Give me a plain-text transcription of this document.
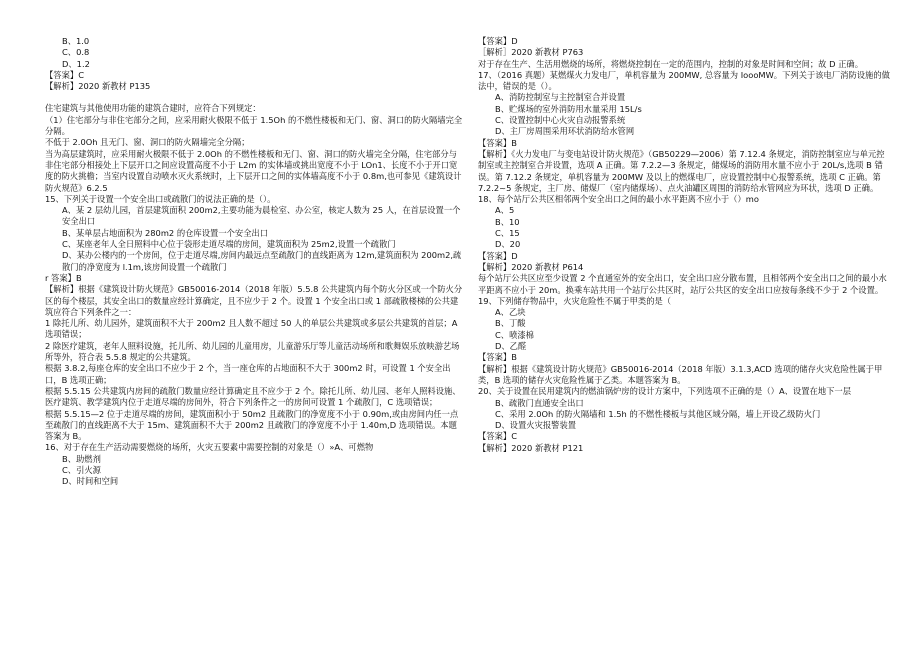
B、1.0

C、0.8

D、1.2

【答案】C

【解析】2020 新教材 P135

住宅建筑与其他使用功能的建筑合建时，应符合下列规定：

（1）住宅部分与非住宅部分之间，应采用耐火极限不低于 1.5Oh 的不燃性楼板和无门、窗、洞口的防火隔墙完全分隔。

不低于 2.0Oh 且无门、窗、洞口的防火隔墙完全分隔；

当为高层建筑时，应采用耐火极限不低于 2.0Oh 的不燃性楼板和无门、窗、洞口的防火墙完全分隔，住宅部分与非住宅部分相接处上下层开口之间应设置高度不小于 L2m 的实体墙或挑出宽度不小于 LOn1、长度不小于开口宽度的防火挑檐；当室内设置自动喷水灭火系统时，上下层开口之间的实体墙高度不小于 0.8m,也可参见《建筑设计防火规范》6.2.5

15、下列关于设置一个安全出口或疏散门的说法正确的是（）。

A、某 2 层幼儿园，首层建筑面积 200m2,主要功能为晨检室、办公室，核定人数为 25 人，在首层设置一个安全出口

B、某单层占地面积为 280m2 的仓库设置一个安全出口

C、某座老年人全日照料中心位于袋形走道尽端的房间，建筑面积为 25m2,设置一个疏散门

D、某办公楼内的一个房间，位于走道尽端,房间内最远点至疏散门的直线距离为 12m,建筑面积为 200m2,疏散门的净宽度为 l.1m,该房间设置一个疏散门

r 答案】B

【解析】根据《建筑设计防火规范》GB50016-2014（2018 年版）5.5.8 公共建筑内每个防火分区或一个防火分区的每个楼层，其安全出口的数量应经计算确定，且不应少于 2 个。设置 1 个安全出口或 1 部疏散楼梯的公共建筑应符合下列条件之一：

1 除托儿所、幼儿园外，建筑面积不大于 200m2 且人数不超过 50 人的单层公共建筑或多层公共建筑的首层；A 选项错误；

2 除医疗建筑，老年人照料设施，托儿所、幼儿园的儿童用房，儿童游乐厅等儿童活动场所和歌舞娱乐放映游艺场所等外，符合表 5.5.8 规定的公共建筑。

根据 3.8.2,每座仓库的安全出口不应少于 2 个，当一座仓库的占地面积不大于 300m2 时，可设置 1 个安全出口，B 选项正确；

根据 5.5.15 公共建筑内房间的疏散门数量应经计算确定且不应少于 2 个。除托儿所、幼儿园、老年人照料设施、医疗建筑、教学建筑内位于走道尽端的房间外，符合下列条件之一的房间可设置 1 个疏散门，C 选项错误；

根据 5.5.15—2 位于走道尽端的房间，建筑面积小于 50m2 且疏散门的净宽度不小于 0.90m,或由房间内任一点至疏散门的直线距离不大于 15m、建筑面积不大于 200m2 且疏散门的净宽度不小于 1.40m,D 选项错误。本题答案为 B。

16、对于存在生产活动需要燃烧的场所，火灾五要素中需要控制的对象是（）»A、可燃物

B、助燃剂

C、引火源

D、时间和空间

【答案】D

［解析］2020 新教材 P763

对于存在生产、生活用燃烧的场所，将燃烧控制在一定的范围内，控制的对象是时间和空间；故 D 正确。

17、（2016 真题）某燃煤火力发电厂，单机容量为 200MW, 总容量为 IoooMW。下列关于该电厂消防设施的做法中，错误的是（）。

A、消防控制室与主控制室合并设置

B、贮煤场的室外消防用水量采用 15L/s

C、设置控制中心火灾自动报警系统

D、主厂房周围采用环状消防给水管网

【答案】B

【解析】《火力发电厂与变电站设计防火规范》（GB50229—2006）第 7.12.4 条规定，消防控制室应与单元控制室或主控制室合并设置，选项 A 正确。第 7.2.2—3 条规定，储煤场的消防用水量不应小于 20L/s,选项 B 错误。第 7.12.2 条规定，单机容量为 200MW 及以上的燃煤电厂，应设置控制中心报警系统，选项 C 正确。第 7.2.2~5 条规定，主厂房、储煤厂（室内储煤场）、点火油罐区周围的消防给水管网应为环状，选项 D 正确。

18、每个站厅公共区相邻两个安全出口之间的最小水平距离不应小于（）mo

A、5

B、10

C、15

D、20

【答案】D

【解析】2020 新教材 P614

每个站厅公共区应至少设置 2 个直通室外的安全出口，安全出口应分散布置，且相邻两个安全出口之间的最小水平距离不应小于 20m。换乘车站共用一个站厅公共区时，站厅公共区的安全出口应按每条线不少于 2 个设置。

19、下列储存物品中，火灾危险性不属于甲类的是（

A、乙块

B、丁酸

C、喷漆棉

D、乙醛

【答案】B

【解析】根据《建筑设计防火规范》GB50016-2014（2018 年版）3.1.3,ACD 选项的储存火灾危险性属于甲类，B 选项的储存火灾危险性属于乙类。本题答案为 B。

20、关于设置在民用建筑内的燃油锅炉房的设计方案中，下列选项不正确的是（）A、设置在地下一层

B、疏散门直通安全出口

C、采用 2.0Oh 的防火隔墙和 1.5h 的不燃性楼板与其他区域分隔，墙上开设乙级防火门

D、设置火灾报警装置

【答案】C

【解析】2020 新教材 P121
